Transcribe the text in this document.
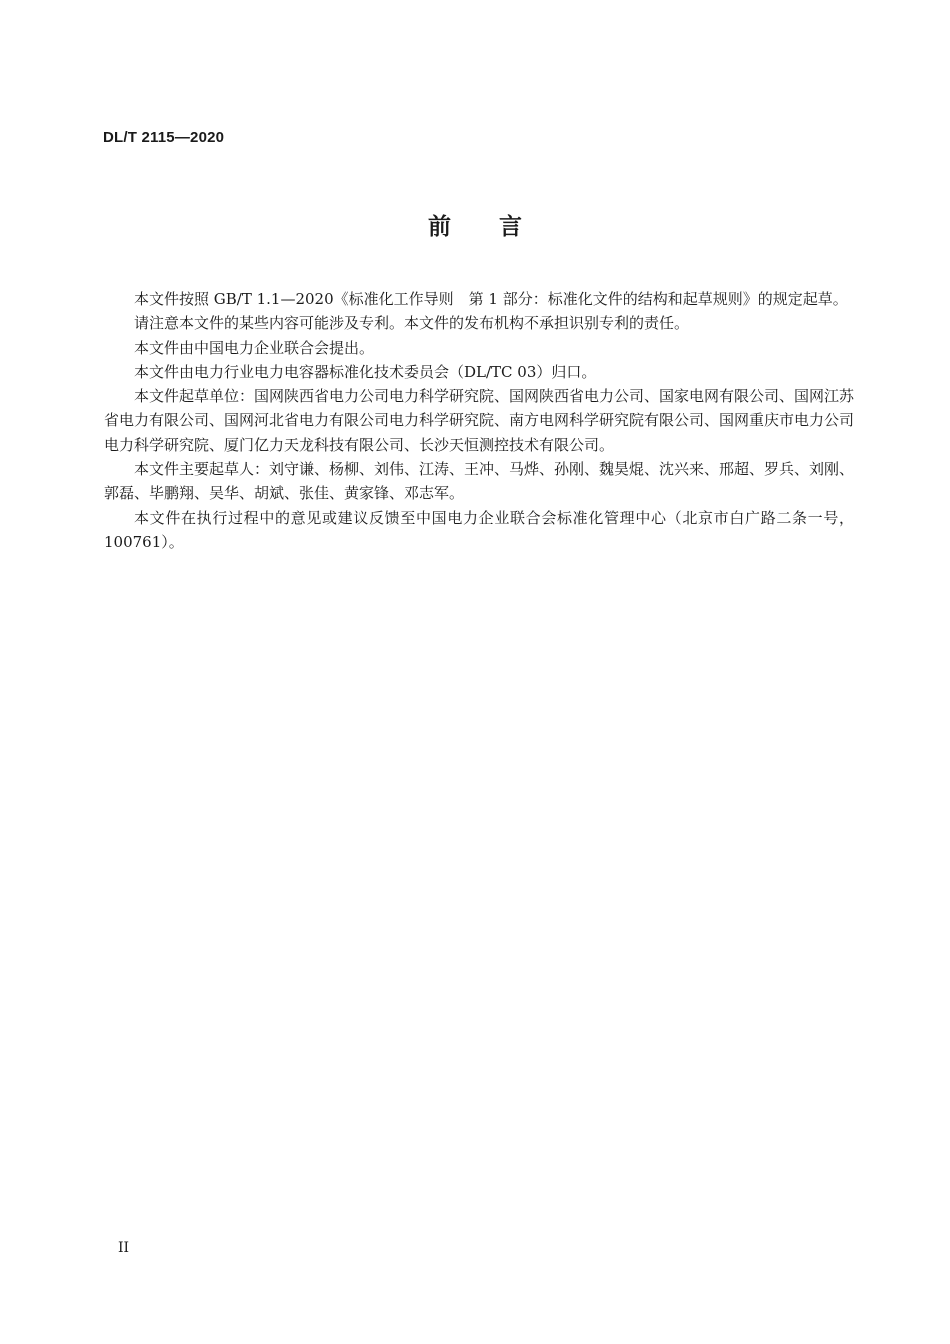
DL/T 2115—2020
前 言

本文件按照 GB/T 1.1—2020《标准化工作导则　第 1 部分：标准化文件的结构和起草规则》的规定起草。

请注意本文件的某些内容可能涉及专利。本文件的发布机构不承担识别专利的责任。

本文件由中国电力企业联合会提出。

本文件由电力行业电力电容器标准化技术委员会（DL/TC 03）归口。

本文件起草单位：国网陕西省电力公司电力科学研究院、国网陕西省电力公司、国家电网有限公司、国网江苏省电力有限公司、国网河北省电力有限公司电力科学研究院、南方电网科学研究院有限公司、国网重庆市电力公司电力科学研究院、厦门亿力天龙科技有限公司、长沙天恒测控技术有限公司。

本文件主要起草人：刘守谦、杨柳、刘伟、江涛、王冲、马烨、孙刚、魏昊焜、沈兴来、邢超、罗兵、刘刚、郭磊、毕鹏翔、吴华、胡斌、张佳、黄家锋、邓志军。

本文件在执行过程中的意见或建议反馈至中国电力企业联合会标准化管理中心（北京市白广路二条一号，100761）。

II
